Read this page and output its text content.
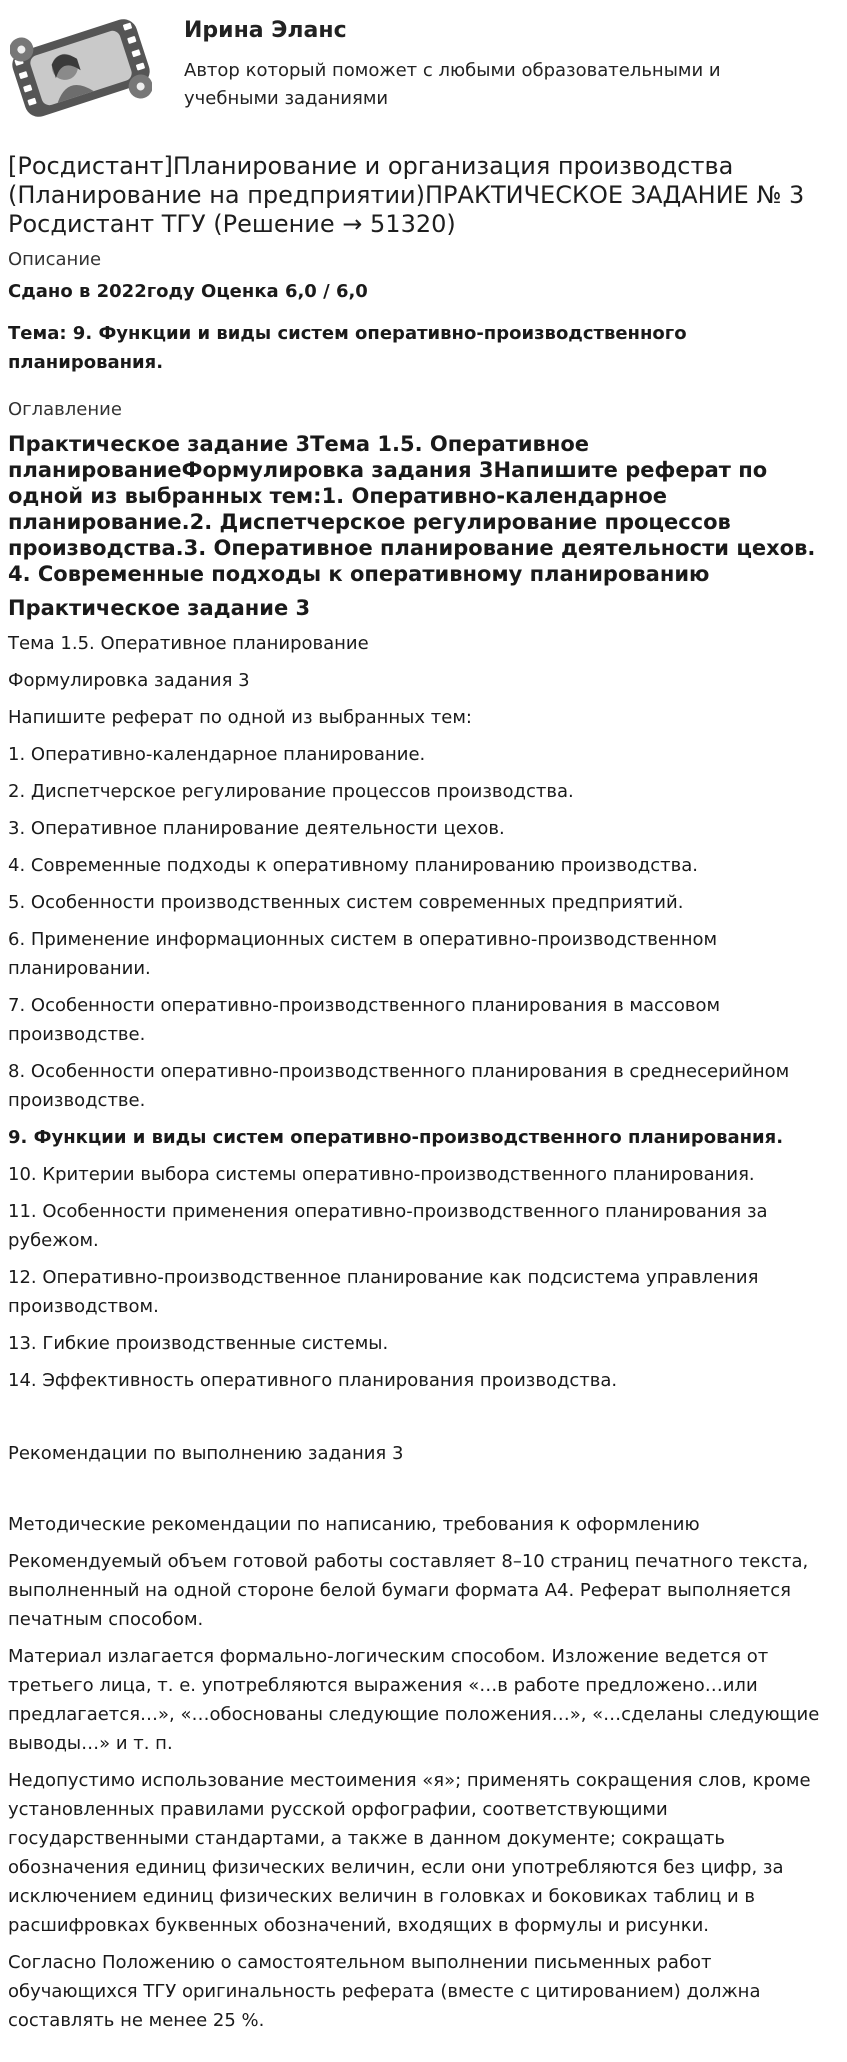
Ирина Эланс
Автор который поможет с любыми образовательными и учебными заданиями
[Росдистант]Планирование и организация производства (Планирование на предприятии)ПРАКТИЧЕСКОЕ ЗАДАНИЕ № 3 Росдистант ТГУ (Решение → 51320)
Описание
Сдано в 2022году Оценка 6,0 / 6,0
Тема: 9. Функции и виды систем оперативно-производственного планирования.
Оглавление
Практическое задание 3Тема 1.5. Оперативное планированиеФормулировка задания 3Напишите реферат по одной из выбранных тем:1. Оперативно-календарное планирование.2. Диспетчерское регулирование процессов производства.3. Оперативное планирование деятельности цехов. 4. Современные подходы к оперативному планированию
Практическое задание 3
Тема 1.5. Оперативное планирование
Формулировка задания 3
Напишите реферат по одной из выбранных тем:
1. Оперативно-календарное планирование.
2. Диспетчерское регулирование процессов производства.
3. Оперативное планирование деятельности цехов.
4. Современные подходы к оперативному планированию производства.
5. Особенности производственных систем современных предприятий.
6. Применение информационных систем в оперативно-производственном планировании.
7. Особенности оперативно-производственного планирования в массовом производстве.
8. Особенности оперативно-производственного планирования в среднесерийном производстве.
9. Функции и виды систем оперативно-производственного планирования.
10. Критерии выбора системы оперативно-производственного планирования.
11. Особенности применения оперативно-производственного планирования за рубежом.
12. Оперативно-производственное планирование как подсистема управления производством.
13. Гибкие производственные системы.
14. Эффективность оперативного планирования производства.
Рекомендации по выполнению задания 3
Методические рекомендации по написанию, требования к оформлению
Рекомендуемый объем готовой работы составляет 8–10 страниц печатного текста, выполненный на одной стороне белой бумаги формата А4. Реферат выполняется печатным способом.
Материал излагается формально-логическим способом. Изложение ведется от третьего лица, т. е. употребляются выражения «…в работе предложено…или предлагается…», «…обоснованы следующие положения…», «…сделаны следующие выводы…» и т. п.
Недопустимо использование местоимения «я»; применять сокращения слов, кроме установленных правилами русской орфографии, соответствующими государственными стандартами, а также в данном документе; сокращать обозначения единиц физических величин, если они употребляются без цифр, за исключением единиц физических величин в головках и боковиках таблиц и в расшифровках буквенных обозначений, входящих в формулы и рисунки.
Согласно Положению о самостоятельном выполнении письменных работ обучающихся ТГУ оригинальность реферата (вместе с цитированием) должна составлять не менее 25 %.
